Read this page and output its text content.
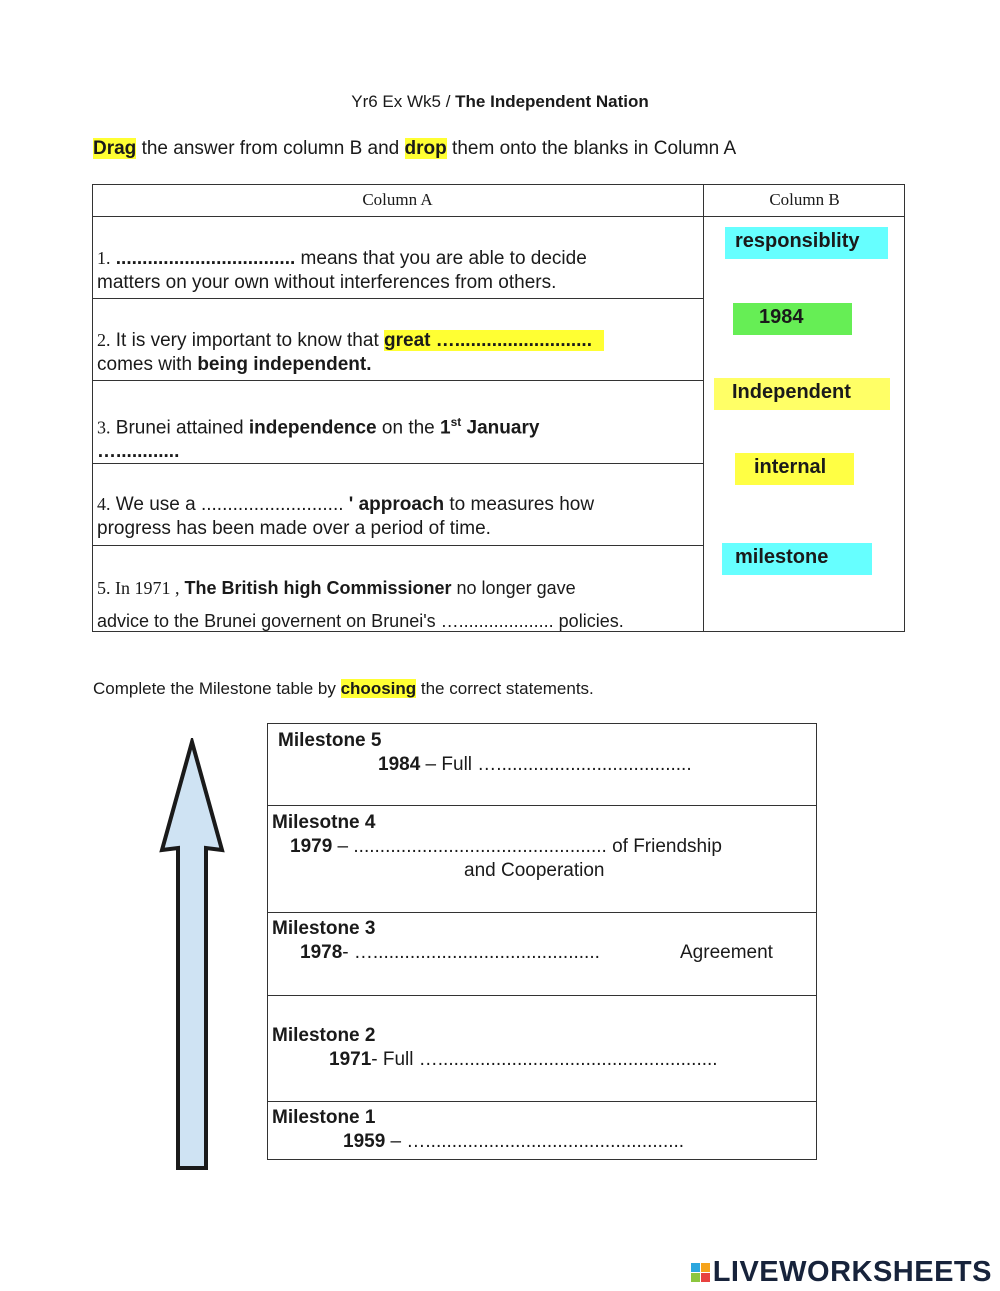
Yr6 Ex Wk5 / The Independent Nation
Drag the answer from column B and drop them onto the blanks in Column A
Column A	Column B
1. .................................. means that you are able to decide
matters on your own without interferences from others.
2. It is very important to know that great …..........................
comes with being independent.
3. Brunei attained independence on the 1st January
…............
4. We use a ........................... ' approach to measures how
progress has been made over a period of time.
5. In 1971 , The British high Commissioner no longer gave
advice to the Brunei governent on Brunei's …................... policies.
responsiblity
1984
Independent
internal
milestone
Complete the Milestone table by choosing the correct statements.
Milestone 5
1984 – Full ….....................................
Milesotne 4
1979 – ................................................ of Friendship
and Cooperation
Milestone 3
1978- …...........................................	Agreement
Milestone 2
1971- Full ….....................................................
Milestone 1
1959 – ….................................................
LIVEWORKSHEETS
